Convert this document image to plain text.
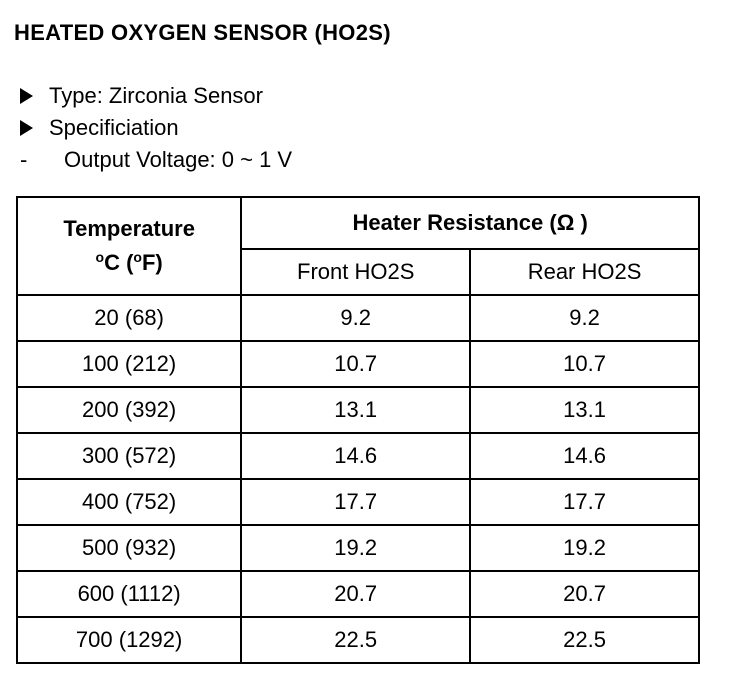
HEATED OXYGEN SENSOR (HO2S)
Type: Zirconia Sensor
Specificiation
-	Output Voltage: 0 ~ 1 V
Temperature
$^o$C ($^o$F)	Heater Resistance (Ω )	
	Front HO2S	Rear HO2S
20 (68)	9.2	9.2
100 (212)	10.7	10.7
200 (392)	13.1	13.1
300 (572)	14.6	14.6
400 (752)	17.7	17.7
500 (932)	19.2	19.2
600 (1112)	20.7	20.7
700 (1292)	22.5	22.5
